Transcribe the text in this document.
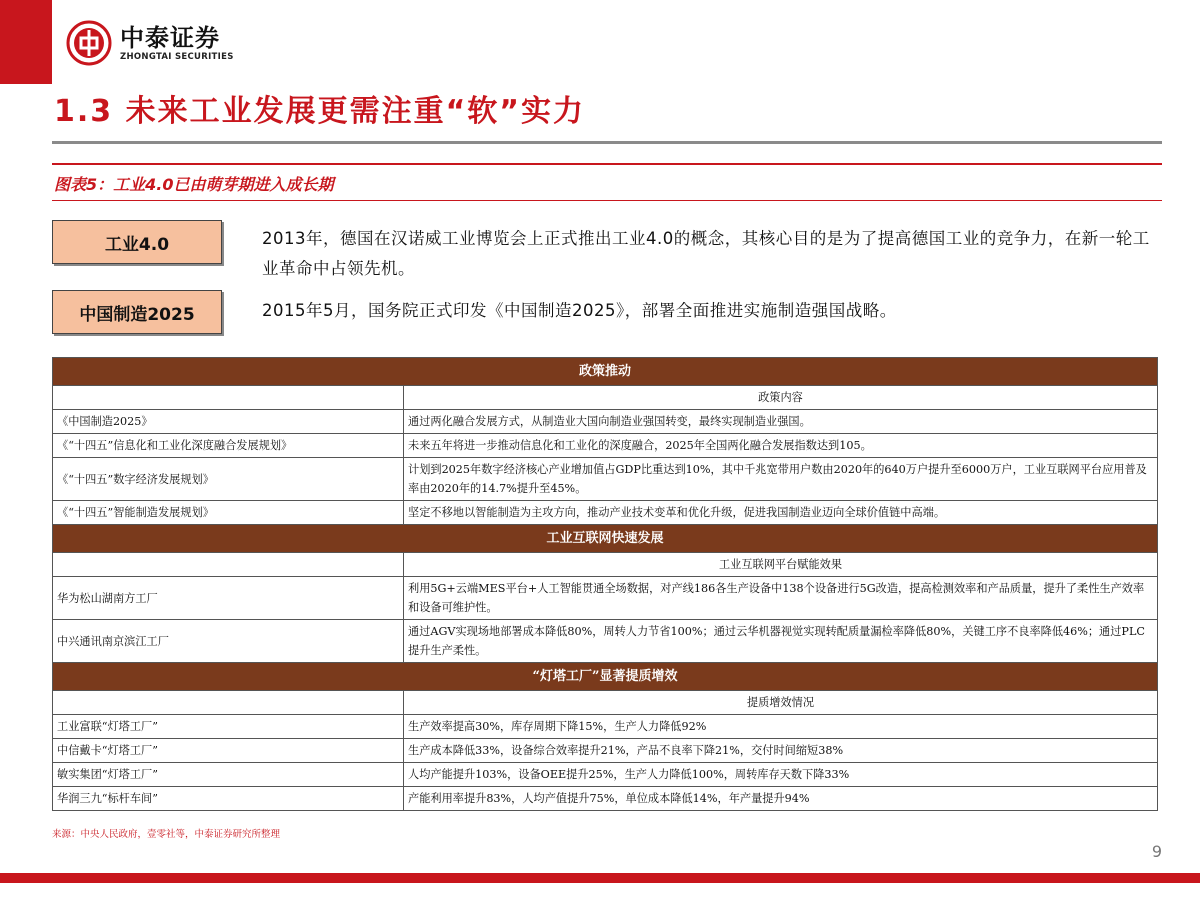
中泰证券
ZHONGTAI SECURITIES
1.3 未来工业发展更需注重“软”实力
图表5：工业4.0已由萌芽期进入成长期
工业4.0	2013年，德国在汉诺威工业博览会上正式推出工业4.0的概念，其核心目的是为了提高德国工业的竞争力，在新一轮工业革命中占领先机。
中国制造2025	2015年5月，国务院正式印发《中国制造2025》，部署全面推进实施制造强国战略。
政策推动	
	政策内容
《中国制造2025》	通过两化融合发展方式，从制造业大国向制造业强国转变，最终实现制造业强国。
《“十四五”信息化和工业化深度融合发展规划》	未来五年将进一步推动信息化和工业化的深度融合，2025年全国两化融合发展指数达到105。
《“十四五”数字经济发展规划》	计划到2025年数字经济核心产业增加值占GDP比重达到10%，其中千兆宽带用户数由2020年的640万户提升至6000万户，工业互联网平台应用普及率由2020年的14.7%提升至45%。
《“十四五”智能制造发展规划》	坚定不移地以智能制造为主攻方向，推动产业技术变革和优化升级，促进我国制造业迈向全球价值链中高端。
工业互联网快速发展	
	工业互联网平台赋能效果
华为松山湖南方工厂	利用5G+云端MES平台+人工智能贯通全场数据，对产线186各生产设备中138个设备进行5G改造，提高检测效率和产品质量，提升了柔性生产效率和设备可维护性。
中兴通讯南京滨江工厂	通过AGV实现场地部署成本降低80%，周转人力节省100%；通过云华机器视觉实现转配质量漏检率降低80%，关键工序不良率降低46%；通过PLC提升生产柔性。
“灯塔工厂”显著提质增效	
	提质增效情况
工业富联“灯塔工厂”	生产效率提高30%，库存周期下降15%，生产人力降低92%
中信戴卡“灯塔工厂”	生产成本降低33%，设备综合效率提升21%，产品不良率下降21%，交付时间缩短38%
敏实集团“灯塔工厂”	人均产能提升103%，设备OEE提升25%，生产人力降低100%，周转库存天数下降33%
华润三九“标杆车间”	产能利用率提升83%，人均产值提升75%，单位成本降低14%，年产量提升94%
来源：中央人民政府，壹零社等，中泰证券研究所整理
9
